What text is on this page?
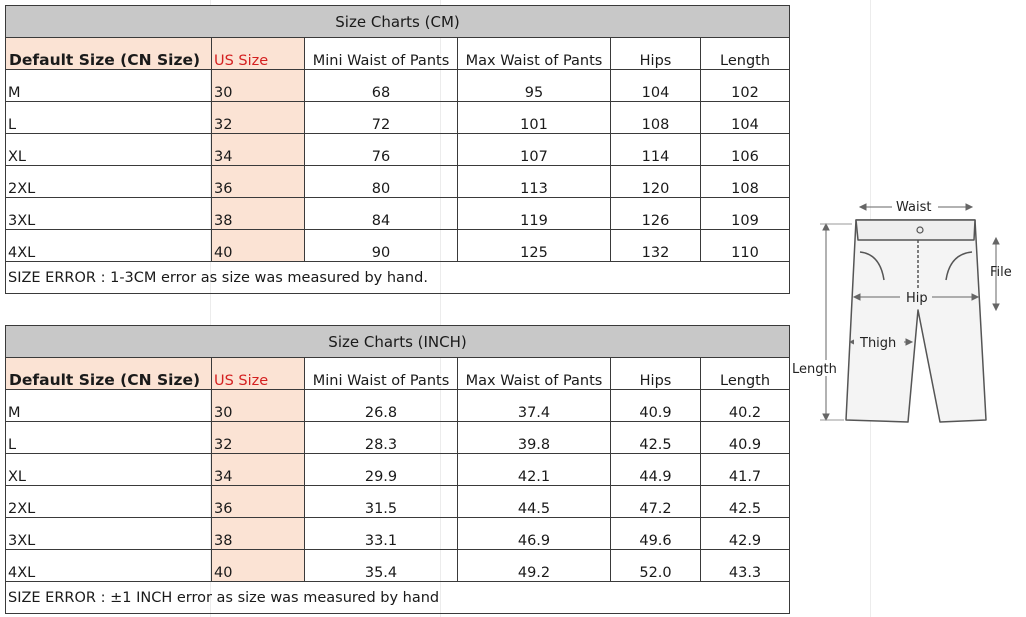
Size Charts (CM)					
Default Size (CN Size)	US Size	Mini Waist of Pants	Max Waist of Pants	Hips	Length
M	30	68	95	104	102
L	32	72	101	108	104
XL	34	76	107	114	106
2XL	36	80	113	120	108
3XL	38	84	119	126	109
4XL	40	90	125	132	110
SIZE ERROR : 1-3CM error as size was measured by hand.					
Size Charts (INCH)					
Default Size (CN Size)	US Size	Mini Waist of Pants	Max Waist of Pants	Hips	Length
M	30	26.8	37.4	40.9	40.2
L	32	28.3	39.8	42.5	40.9
XL	34	29.9	42.1	44.9	41.7
2XL	36	31.5	44.5	47.2	42.5
3XL	38	33.1	46.9	49.6	42.9
4XL	40	35.4	49.2	52.0	43.3
SIZE ERROR : ±1 INCH error as size was measured by hand					
Waist
File
Hip
Thigh
Length
